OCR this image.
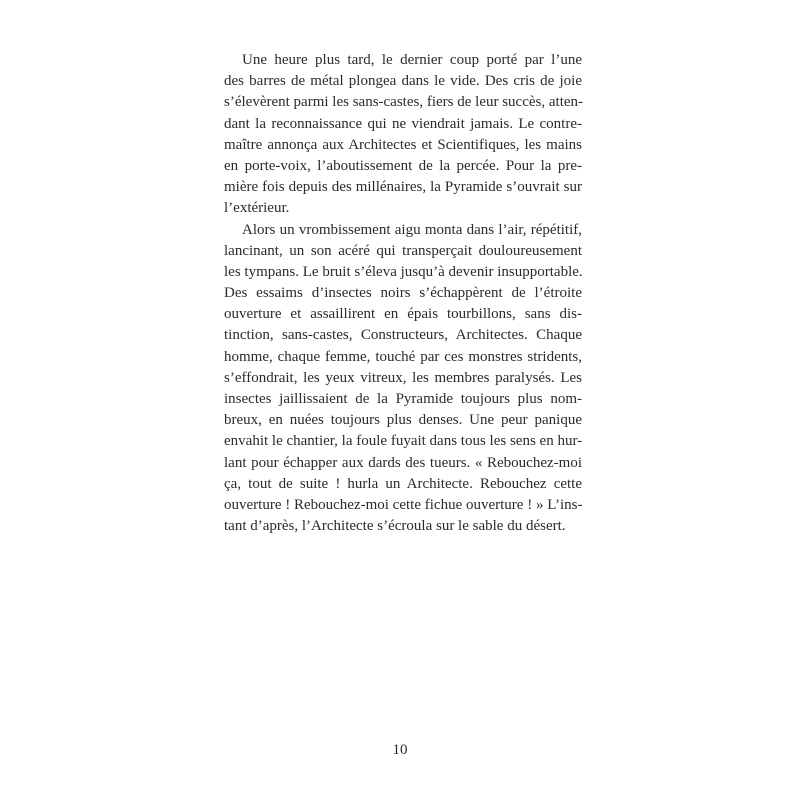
Une heure plus tard, le dernier coup porté par l’une
des barres de métal plongea dans le vide. Des cris de joie
s’élevèrent parmi les sans-castes, fiers de leur succès, atten-
dant la reconnaissance qui ne viendrait jamais. Le contre-
maître annonça aux Architectes et Scientifiques, les mains
en porte-voix, l’aboutissement de la percée. Pour la pre-
mière fois depuis des millénaires, la Pyramide s’ouvrait sur
l’extérieur.
Alors un vrombissement aigu monta dans l’air, répétitif,
lancinant, un son acéré qui transperçait douloureusement
les tympans. Le bruit s’éleva jusqu’à devenir insupportable.
Des essaims d’insectes noirs s’échappèrent de l’étroite
ouverture et assaillirent en épais tourbillons, sans dis-
tinction, sans-castes, Constructeurs, Architectes. Chaque
homme, chaque femme, touché par ces monstres stridents,
s’effondrait, les yeux vitreux, les membres paralysés. Les
insectes jaillissaient de la Pyramide toujours plus nom-
breux, en nuées toujours plus denses. Une peur panique
envahit le chantier, la foule fuyait dans tous les sens en hur-
lant pour échapper aux dards des tueurs. « Rebouchez-moi
ça, tout de suite ! hurla un Architecte. Rebouchez cette
ouverture ! Rebouchez-moi cette fichue ouverture ! » L’ins-
tant d’après, l’Architecte s’écroula sur le sable du désert.
10
